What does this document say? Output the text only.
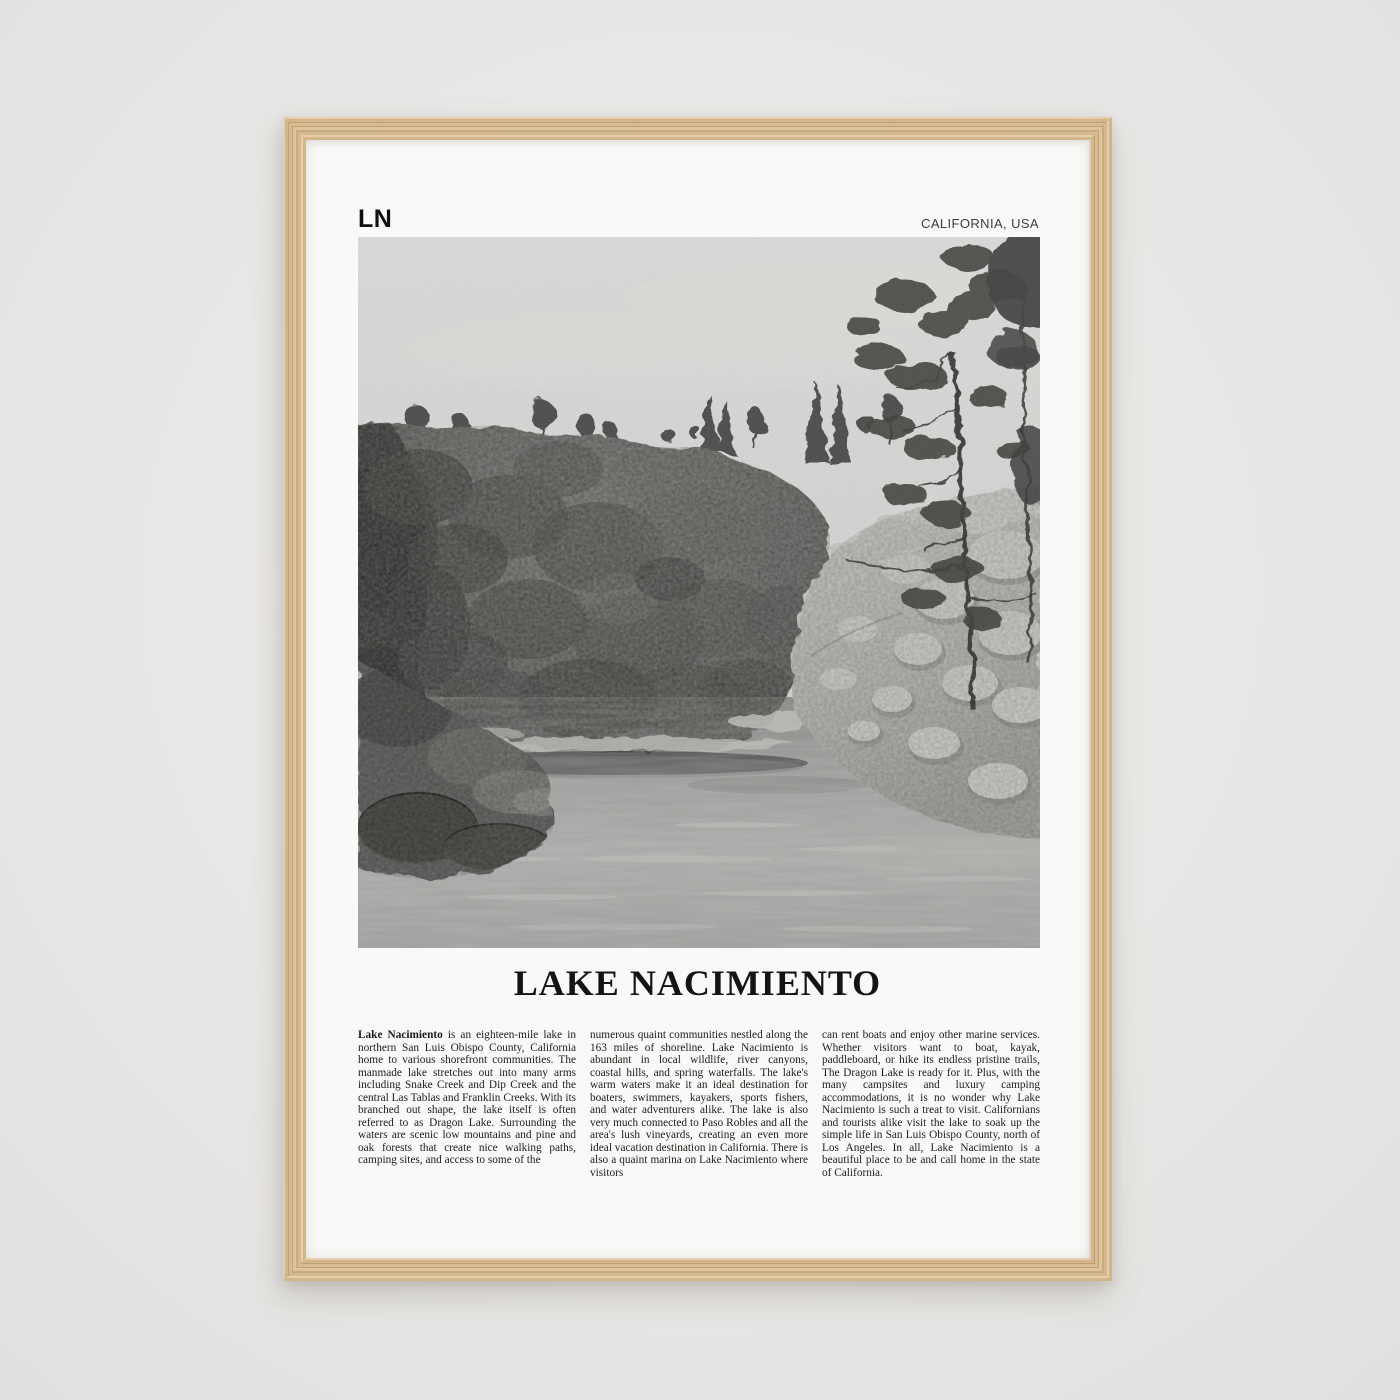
LN	CALIFORNIA, USA
LAKE NACIMIENTO

Lake Nacimiento is an eighteen-mile lake in northern San Luis Obispo County, California home to various shorefront communities. The manmade lake stretches out into many arms including Snake Creek and Dip Creek and the central Las Tablas and Franklin Creeks. With its branched out shape, the lake itself is often referred to as Dragon Lake. Surrounding the waters are scenic low mountains and pine and oak forests that create nice walking paths, camping sites, and access to some of the

numerous quaint communities nestled along the 163 miles of shoreline. Lake Nacimiento is abundant in local wildlife, river canyons, coastal hills, and spring waterfalls. The lake's warm waters make it an ideal destination for boaters, swimmers, kayakers, sports fishers, and water adventurers alike. The lake is also very much connected to Paso Robles and all the area's lush vineyards, creating an even more ideal vacation destination in California. There is also a quaint marina on Lake Nacimiento where visitors

can rent boats and enjoy other marine services. Whether visitors want to boat, kayak, paddleboard, or hike its endless pristine trails, The Dragon Lake is ready for it. Plus, with the many campsites and luxury camping accommodations, it is no wonder why Lake Nacimiento is such a treat to visit. Californians and tourists alike visit the lake to soak up the simple life in San Luis Obispo County, north of Los Angeles. In all, Lake Nacimiento is a beautiful place to be and call home in the state of California.
